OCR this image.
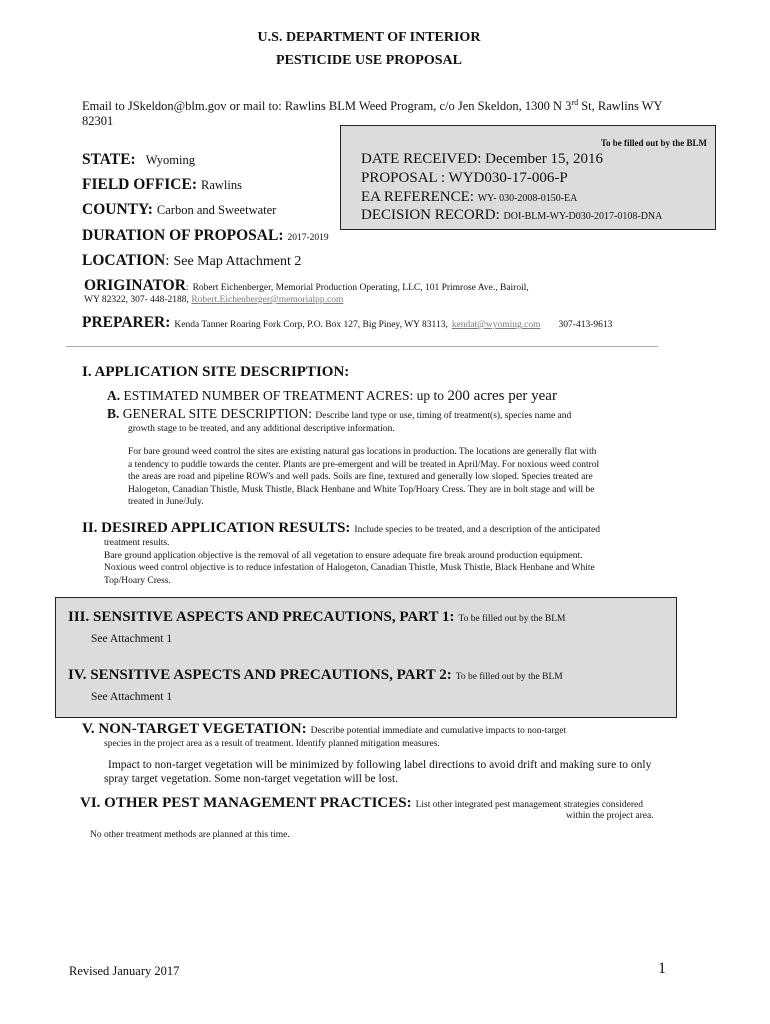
U.S. DEPARTMENT OF INTERIOR
PESTICIDE USE PROPOSAL
Email to JSkeldon@blm.gov or mail to: Rawlins BLM Weed Program, c/o Jen Skeldon, 1300 N 3rd St, Rawlins WY
82301
To be filled out by the BLM
DATE RECEIVED: December 15, 2016
PROPOSAL : WYD030-17-006-P
EA REFERENCE: WY- 030-2008-0150-EA
DECISION RECORD: DOI-BLM-WY-D030-2017-0108-DNA
STATE: Wyoming
FIELD OFFICE: Rawlins
COUNTY: Carbon and Sweetwater
DURATION OF PROPOSAL: 2017-2019
LOCATION: See Map Attachment 2
ORIGINATOR: Robert Eichenberger, Memorial Production Operating, LLC, 101 Primrose Ave., Bairoil,
WY 82322, 307- 448-2188, Robert.Eichenberger@memorialpp.com
PREPARER: Kenda Tanner Roaring Fork Corp, P.O. Box 127, Big Piney, WY 83113, kendat@wyoming.com 307-413-9613
I. APPLICATION SITE DESCRIPTION:
A. ESTIMATED NUMBER OF TREATMENT ACRES: up to 200 acres per year
B. GENERAL SITE DESCRIPTION: Describe land type or use, timing of treatment(s), species name and
growth stage to be treated, and any additional descriptive information.
For bare ground weed control the sites are existing natural gas locations in production. The locations are generally flat with
a tendency to puddle towards the center. Plants are pre-emergent and will be treated in April/May. For noxious weed control
the areas are road and pipeline ROW's and well pads. Soils are fine, textured and generally low sloped. Species treated are
Halogeton, Canadian Thistle, Musk Thistle, Black Henbane and White Top/Hoary Cress. They are in bolt stage and will be
treated in June/July.
II. DESIRED APPLICATION RESULTS: Include species to be treated, and a description of the anticipated
treatment results.
Bare ground application objective is the removal of all vegetation to ensure adequate fire break around production equipment.
Noxious weed control objective is to reduce infestation of Halogeton, Canadian Thistle, Musk Thistle, Black Henbane and White
Top/Hoary Cress.
III. SENSITIVE ASPECTS AND PRECAUTIONS, PART 1: To be filled out by the BLM
See Attachment 1
IV. SENSITIVE ASPECTS AND PRECAUTIONS, PART 2: To be filled out by the BLM
See Attachment 1
V. NON-TARGET VEGETATION: Describe potential immediate and cumulative impacts to non-target
species in the project area as a result of treatment. Identify planned mitigation measures.
Impact to non-target vegetation will be minimized by following label directions to avoid drift and making sure to only
spray target vegetation. Some non-target vegetation will be lost.
VI. OTHER PEST MANAGEMENT PRACTICES: List other integrated pest management strategies considered
within the project area.
No other treatment methods are planned at this time.
Revised January 2017	1
